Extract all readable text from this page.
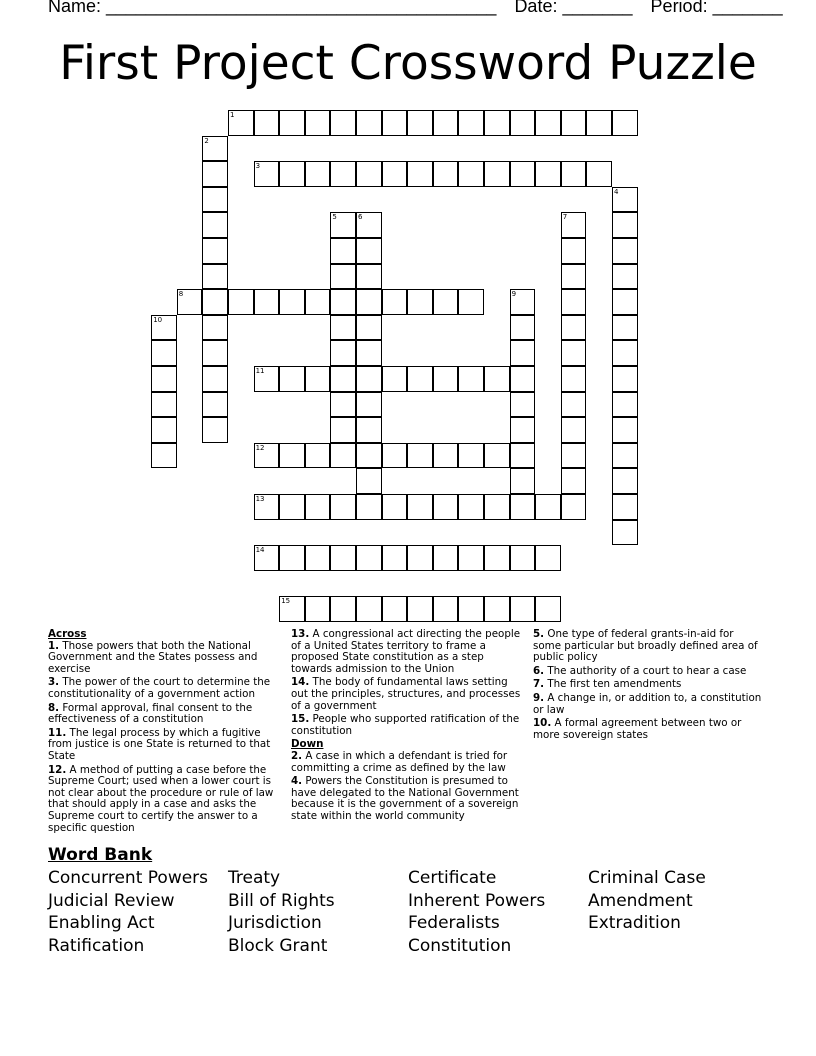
Name: _______________________________________ Date: _______ Period: _______
First Project Crossword Puzzle
1
2
3
4
5	6	7
8	9
10
11
12
13
14
15
Across
1. Those powers that both the National Government and the States possess and exercise
3. The power of the court to determine the constitutionality of a government action
8. Formal approval, final consent to the effectiveness of a constitution
11. The legal process by which a fugitive from justice is one State is returned to that State
12. A method of putting a case before the Supreme Court; used when a lower court is not clear about the procedure or rule of law that should apply in a case and asks the Supreme court to certify the answer to a specific question
13. A congressional act directing the people of a United States territory to frame a proposed State constitution as a step towards admission to the Union
14. The body of fundamental laws setting out the principles, structures, and processes of a government
15. People who supported ratification of the constitution
Down
2. A case in which a defendant is tried for committing a crime as defined by the law
4. Powers the Constitution is presumed to have delegated to the National Government because it is the government of a sovereign state within the world community
5. One type of federal grants-in-aid for some particular but broadly defined area of public policy
6. The authority of a court to hear a case
7. The first ten amendments
9. A change in, or addition to, a constitution or law
10. A formal agreement between two or more sovereign states
Word Bank
Concurrent Powers	Treaty	Certificate	Criminal Case
Judicial Review	Bill of Rights	Inherent Powers	Amendment
Enabling Act	Jurisdiction	Federalists	Extradition
Ratification	Block Grant	Constitution
